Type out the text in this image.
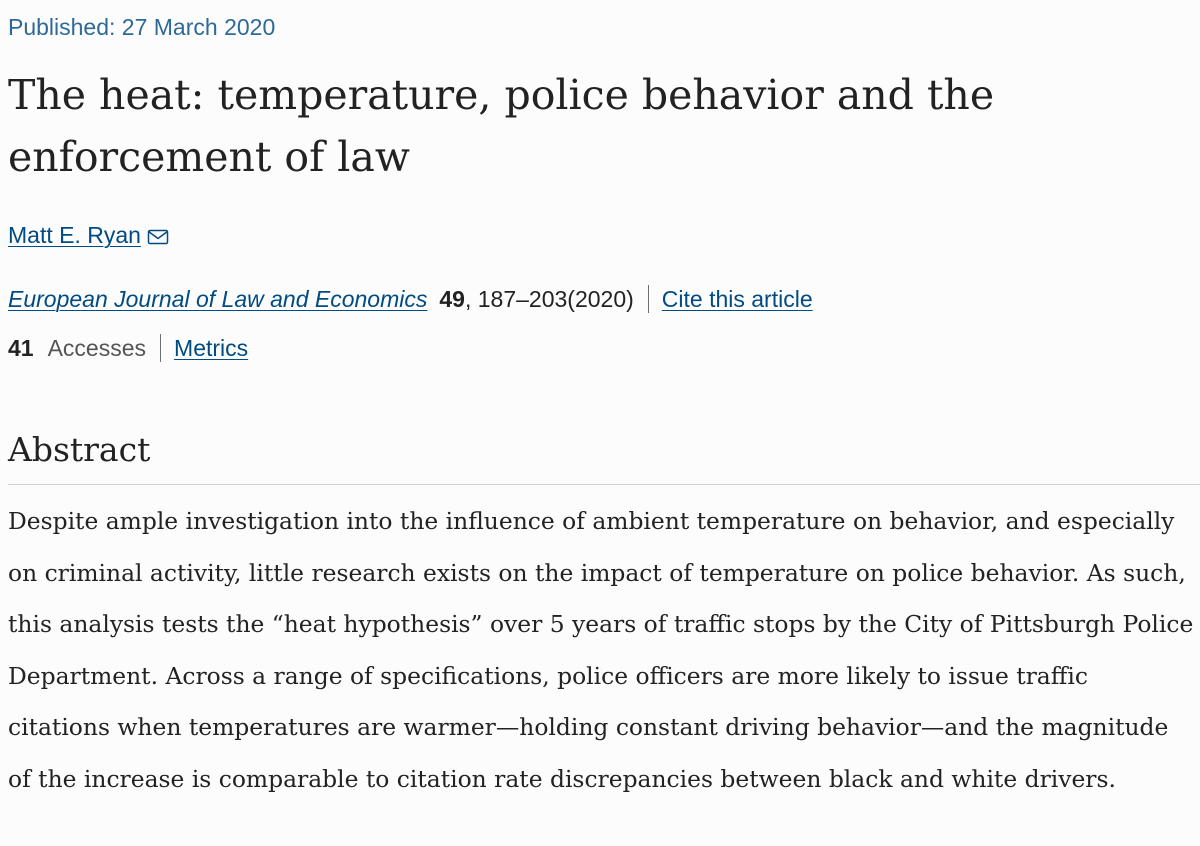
Published: 27 March 2020
The heat: temperature, police behavior and the enforcement of law
Matt E. Ryan
European Journal of Law and Economics 49 , 187–203(2020) Cite this article
41 Accesses Metrics
Abstract

Despite ample investigation into the influence of ambient temperature on behavior, and especially on criminal activity, little research exists on the impact of temperature on police behavior. As such, this analysis tests the “heat hypothesis” over 5 years of traffic stops by the City of Pittsburgh Police Department. Across a range of specifications, police officers are more likely to issue traffic citations when temperatures are warmer—holding constant driving behavior—and the magnitude of the increase is comparable to citation rate discrepancies between black and white drivers.
